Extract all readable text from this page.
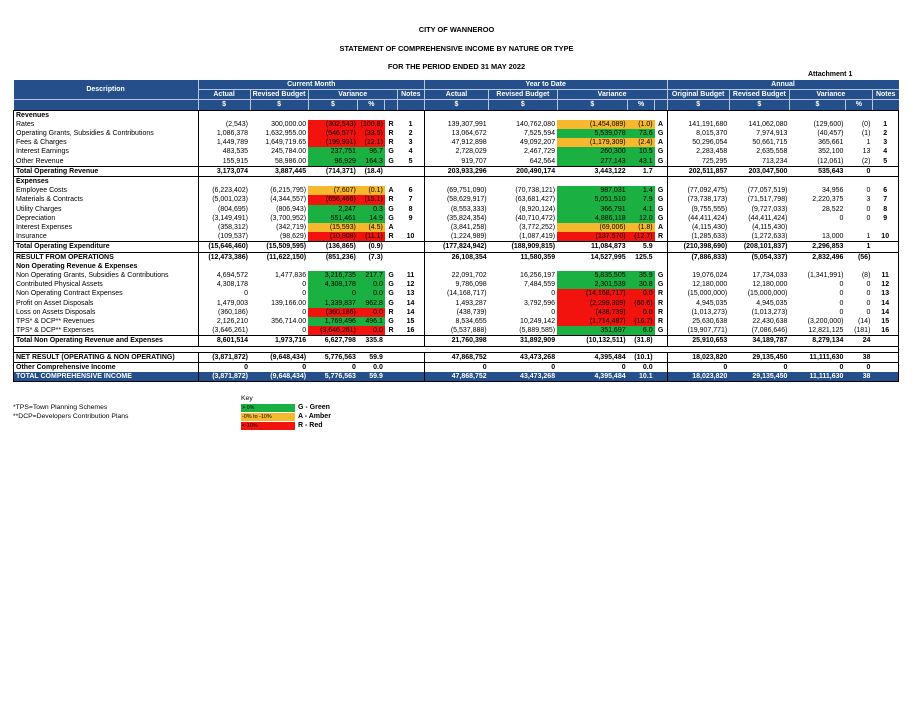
CITY OF WANNEROO
STATEMENT OF COMPREHENSIVE INCOME BY NATURE OR TYPE
FOR THE PERIOD ENDED 31 MAY 2022
Attachment 1
Description	Current Month						Year to Date					Annual				
	Actual	Revised Budget	Variance			Notes	Actual	Revised Budget	Variance			Original Budget	Revised Budget	Variance		Notes
	$	$	$	%			$	$	$	%		$	$	$	%	
Revenues																
Rates	(2,543)	300,000.00	(302,543)	(100.8)	R	1	139,307,991	140,762,080	(1,454,089)	(1.0)	A	141,191,680	141,062,080	(129,600)	(0)	1
Operating Grants, Subsidies & Contributions	1,086,378	1,632,955.00	(546,577)	(33.5)	R	2	13,064,672	7,525,594	5,539,078	73.6	G	8,015,370	7,974,913	(40,457)	(1)	2
Fees & Charges	1,449,789	1,649,719.65	(199,931)	(12.1)	R	3	47,912,898	49,092,207	(1,179,309)	(2.4)	A	50,296,054	50,661,715	365,661	1	3
Interest Earnings	483,535	245,784.00	237,751	96.7	G	4	2,728,029	2,467,729	260,300	10.5	G	2,283,458	2,635,558	352,100	13	4
Other Revenue	155,915	58,986.00	96,929	164.3	G	5	919,707	642,564	277,143	43.1	G	725,295	713,234	(12,061)	(2)	5
Total Operating Revenue	3,173,074	3,887,445	(714,371)	(18.4)			203,933,296	200,490,174	3,443,122	1.7		202,511,857	203,047,500	535,643	0	
Expenses																
Employee Costs	(6,223,402)	(6,215,795)	(7,607)	(0.1)	A	6	(69,751,090)	(70,738,121)	987,031	1.4	G	(77,092,475)	(77,057,519)	34,956	0	6
Materials & Contracts	(5,001,023)	(4,344,557)	(656,466)	(15.1)	R	7	(58,629,917)	(63,681,427)	5,051,510	7.9	G	(73,738,173)	(71,517,798)	2,220,375	3	7
Utility Charges	(804,695)	(806,943)	2,247	0.3	G	8	(8,553,333)	(8,920,124)	366,791	4.1	G	(9,755,555)	(9,727,033)	28,522	0	8
Depreciation	(3,149,491)	(3,700,952)	551,461	14.9	G	9	(35,824,354)	(40,710,472)	4,886,118	12.0	G	(44,411,424)	(44,411,424)	0	0	9
Interest Expenses	(358,312)	(342,719)	(15,593)	(4.5)	A		(3,841,258)	(3,772,252)	(69,006)	(1.8)	A	(4,115,430)	(4,115,430)			
Insurance	(109,537)	(98,629)	(10,908)	(11.1)	R	10	(1,224,989)	(1,087,419)	(137,570)	(12.7)	R	(1,285,633)	(1,272,633)	13,000	1	10
Total Operating Expenditure	(15,646,460)	(15,509,595)	(136,865)	(0.9)			(177,824,942)	(188,909,815)	11,084,873	5.9		(210,398,690)	(208,101,837)	2,296,853	1	
RESULT FROM OPERATIONS	(12,473,386)	(11,622,150)	(851,236)	(7.3)			26,108,354	11,580,359	14,527,995	125.5		(7,886,833)	(5,054,337)	2,832,496	(56)	
Non Operating Revenue & Expenses																
Non Operating Grants, Subsidies & Contributions	4,694,572	1,477,836	3,216,735	217.7	G	11	22,091,702	16,256,197	5,835,505	35.9	G	19,076,024	17,734,033	(1,341,991)	(8)	11
Contributed Physical Assets	4,308,178	0	4,308,178	0.0	G	12	9,786,098	7,484,559	2,301,539	30.8	G	12,180,000	12,180,000	0	0	12
Non Operating Contract Expenses	0	0	0	0.0	G	13	(14,168,717)	0	(14,168,717)	0.0	R	(15,000,000)	(15,000,000)	0	0	13
Profit on Asset Disposals	1,479,003	139,166.00	1,339,837	962.8	G	14	1,493,287	3,792,596	(2,299,309)	(60.6)	R	4,945,035	4,945,035	0	0	14
Loss on Assets Disposals	(360,186)	0	(360,186)	0.0	R	14	(438,739)	0	(438,739)	0.0	R	(1,013,273)	(1,013,273)	0	0	14
TPS* & DCP** Revenues	2,126,210	356,714.00	1,769,496	496.1	G	15	8,534,655	10,249,142	(1,714,487)	(16.7)	R	25,630,638	22,430,638	(3,200,000)	(14)	15
TPS* & DCP** Expenses	(3,646,261)	0	(3,646,261)	0.0	R	16	(5,537,888)	(5,889,585)	351,697	6.0	G	(19,907,771)	(7,086,646)	12,821,125	(181)	16
Total Non Operating Revenue and Expenses	8,601,514	1,973,716	6,627,798	335.8			21,760,398	31,892,909	(10,132,511)	(31.8)		25,910,653	34,189,787	8,279,134	24	

NET RESULT (OPERATING & NON OPERATING)	(3,871,872)	(9,648,434)	5,776,563	59.9			47,868,752	43,473,268	4,395,484	(10.1)		18,023,820	29,135,450	11,111,630	38	
Other Comprehensive Income	0	0	0	0.0			0	0	0	0.0		0	0	0	0	
TOTAL COMPREHENSIVE INCOME	(3,871,872)	(9,648,434)	5,776,563	59.9			47,868,752	43,473,268	4,395,484	10.1		18,023,820	29,135,450	11,111,630	38	
*TPS=Town Planning Schemes
**DCP=Developers Contribution Plans
Key
> 0%
-0% to -10%
<-10%
G - Green
A - Amber
R - Red
